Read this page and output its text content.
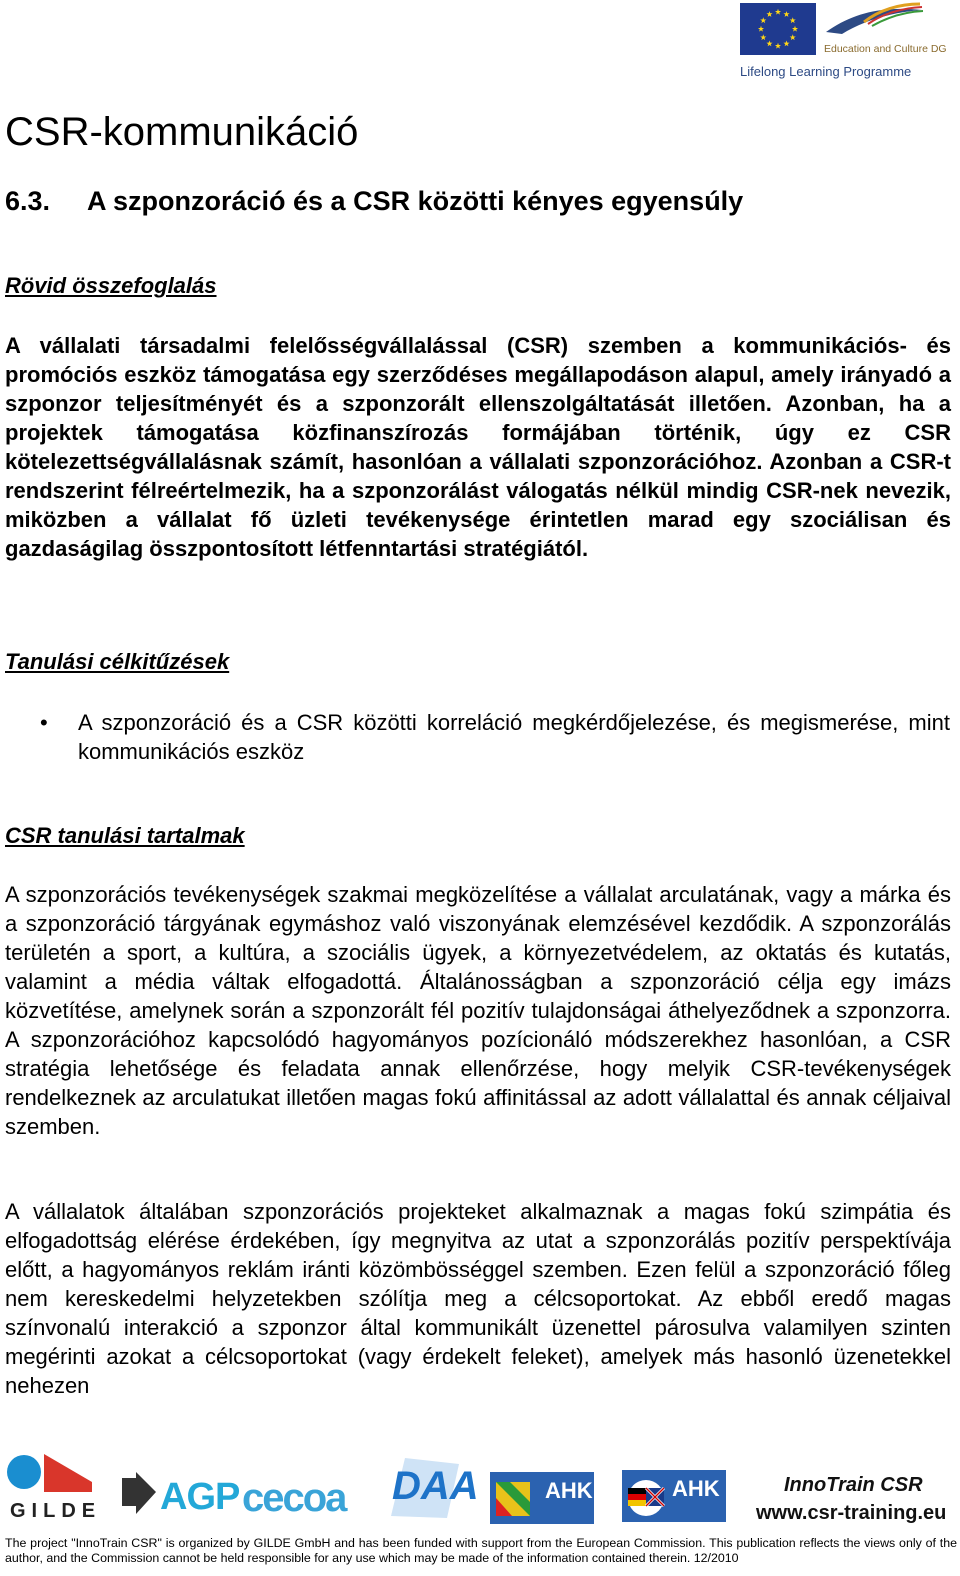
Education and Culture DG
Lifelong Learning Programme
CSR-kommunikáció
6.3. A szponzoráció és a CSR közötti kényes egyensúly
Rövid összefoglalás

A vállalati társadalmi felelősségvállalással (CSR) szemben a kommunikációs- és promóciós eszköz támogatása egy szerződéses megállapodáson alapul, amely irányadó a szponzor teljesítményét és a szponzorált ellenszolgáltatását illetően. Azonban, ha a projektek támogatása közfinanszírozás formájában történik, úgy ez CSR kötelezettségvállalásnak számít, hasonlóan a vállalati szponzorációhoz. Azonban a CSR-t rendszerint félreértelmezik, ha a szponzorálást válogatás nélkül mindig CSR-nek nevezik, miközben a vállalat fő üzleti tevékenysége érintetlen marad egy szociálisan és gazdaságilag összpontosított létfenntartási stratégiától.

Tanulási célkitűzések
• A szponzoráció és a CSR közötti korreláció megkérdőjelezése, és megismerése, mint kommunikációs eszköz
CSR tanulási tartalmak

A szponzorációs tevékenységek szakmai megközelítése a vállalat arculatának, vagy a márka és a szponzoráció tárgyának egymáshoz való viszonyának elemzésével kezdődik. A szponzorálás területén a sport, a kultúra, a szociális ügyek, a környezetvédelem, az oktatás és kutatás, valamint a média váltak elfogadottá. Általánosságban a szponzoráció célja egy imázs közvetítése, amelynek során a szponzorált fél pozitív tulajdonságai áthelyeződnek a szponzorra. A szponzorációhoz kapcsolódó hagyományos pozícionáló módszerekhez hasonlóan, a CSR stratégia lehetősége és feladata annak ellenőrzése, hogy melyik CSR-tevékenységek rendelkeznek az arculatukat illetően magas fokú affinitással az adott vállalattal és annak céljaival szemben.

A vállalatok általában szponzorációs projekteket alkalmaznak a magas fokú szimpátia és elfogadottság elérése érdekében, így megnyitva az utat a szponzorálás pozitív perspektívája előtt, a hagyományos reklám iránti közömbösséggel szemben. Ezen felül a szponzoráció főleg nem kereskedelmi helyzetekben szólítja meg a célcsoportokat. Az ebből eredő magas színvonalú interakció a szponzor által kommunikált üzenettel párosulva valamilyen szinten megérinti azokat a célcsoportokat (vagy érdekelt feleket), amelyek más hasonló üzenetekkel nehezen

GILDE AGP cecoa DAA	AHK	AHK	InnoTrain CSR
www.csr-training.eu

The project "InnoTrain CSR" is organized by GILDE GmbH and has been funded with support from the European Commission. This publication reflects the views only of the author, and the Commission cannot be held responsible for any use which may be made of the information contained therein. 12/2010
